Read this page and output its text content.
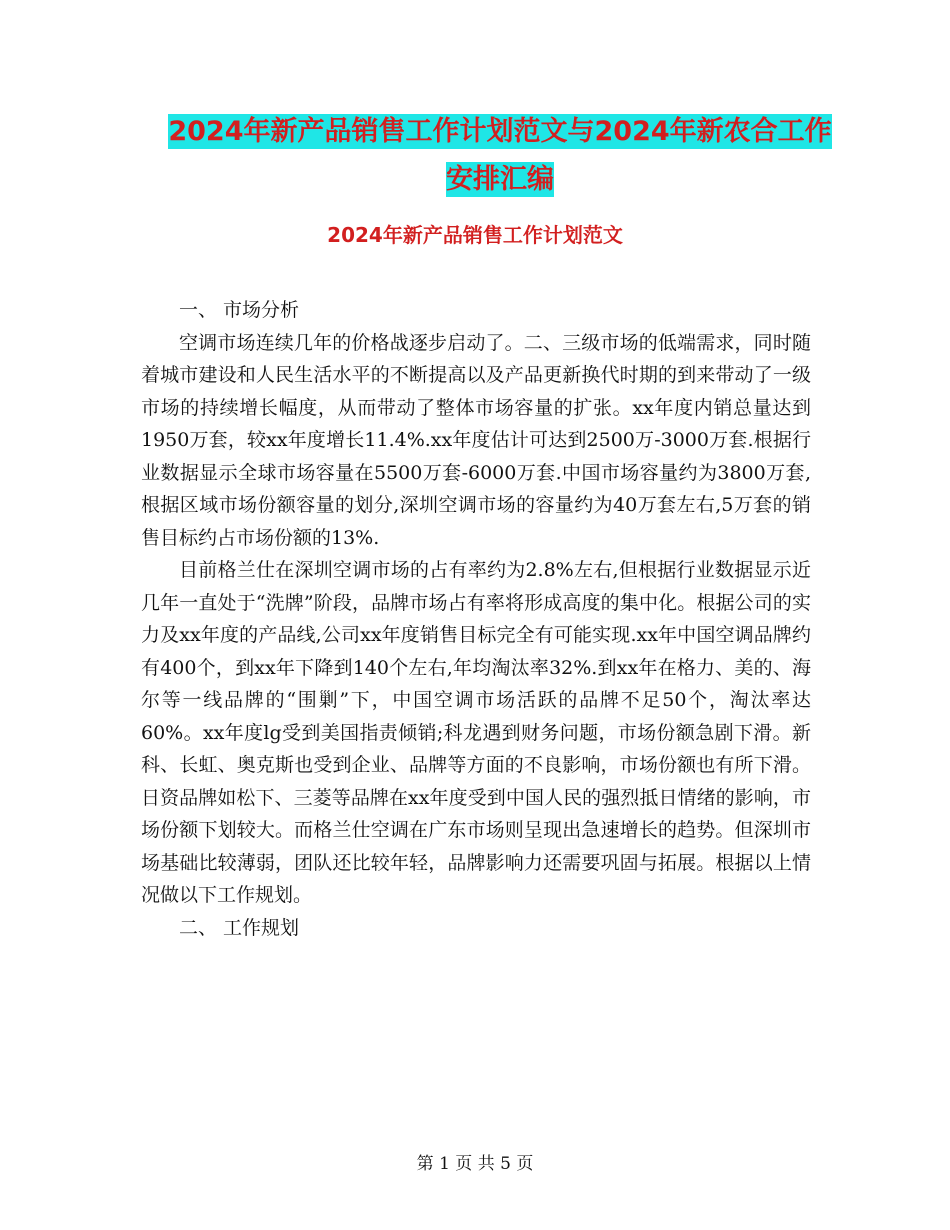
2024年新产品销售工作计划范文与2024年新农合工作
安排汇编
2024年新产品销售工作计划范文

一、 市场分析

空调市场连续几年的价格战逐步启动了。二、三级市场的低端需求，同时随着城市建设和人民生活水平的不断提高以及产品更新换代时期的到来带动了一级市场的持续增长幅度，从而带动了整体市场容量的扩张。xx年度内销总量达到1950万套，较xx年度增长11.4%.xx年度估计可达到2500万-3000万套.根据行业数据显示全球市场容量在5500万套-6000万套.中国市场容量约为3800万套,根据区域市场份额容量的划分,深圳空调市场的容量约为40万套左右,5万套的销售目标约占市场份额的13%.

目前格兰仕在深圳空调市场的占有率约为2.8%左右,但根据行业数据显示近几年一直处于“洗牌”阶段，品牌市场占有率将形成高度的集中化。根据公司的实力及xx年度的产品线,公司xx年度销售目标完全有可能实现.xx年中国空调品牌约有400个，到xx年下降到140个左右,年均淘汰率32%.到xx年在格力、美的、海尔等一线品牌的“围剿”下，中国空调市场活跃的品牌不足50个，淘汰率达60%。xx年度lg受到美国指责倾销;科龙遇到财务问题，市场份额急剧下滑。新科、长虹、奥克斯也受到企业、品牌等方面的不良影响，市场份额也有所下滑。日资品牌如松下、三菱等品牌在xx年度受到中国人民的强烈抵日情绪的影响，市场份额下划较大。而格兰仕空调在广东市场则呈现出急速增长的趋势。但深圳市场基础比较薄弱，团队还比较年轻，品牌影响力还需要巩固与拓展。根据以上情况做以下工作规划。

二、 工作规划

第 1 页 共 5 页
